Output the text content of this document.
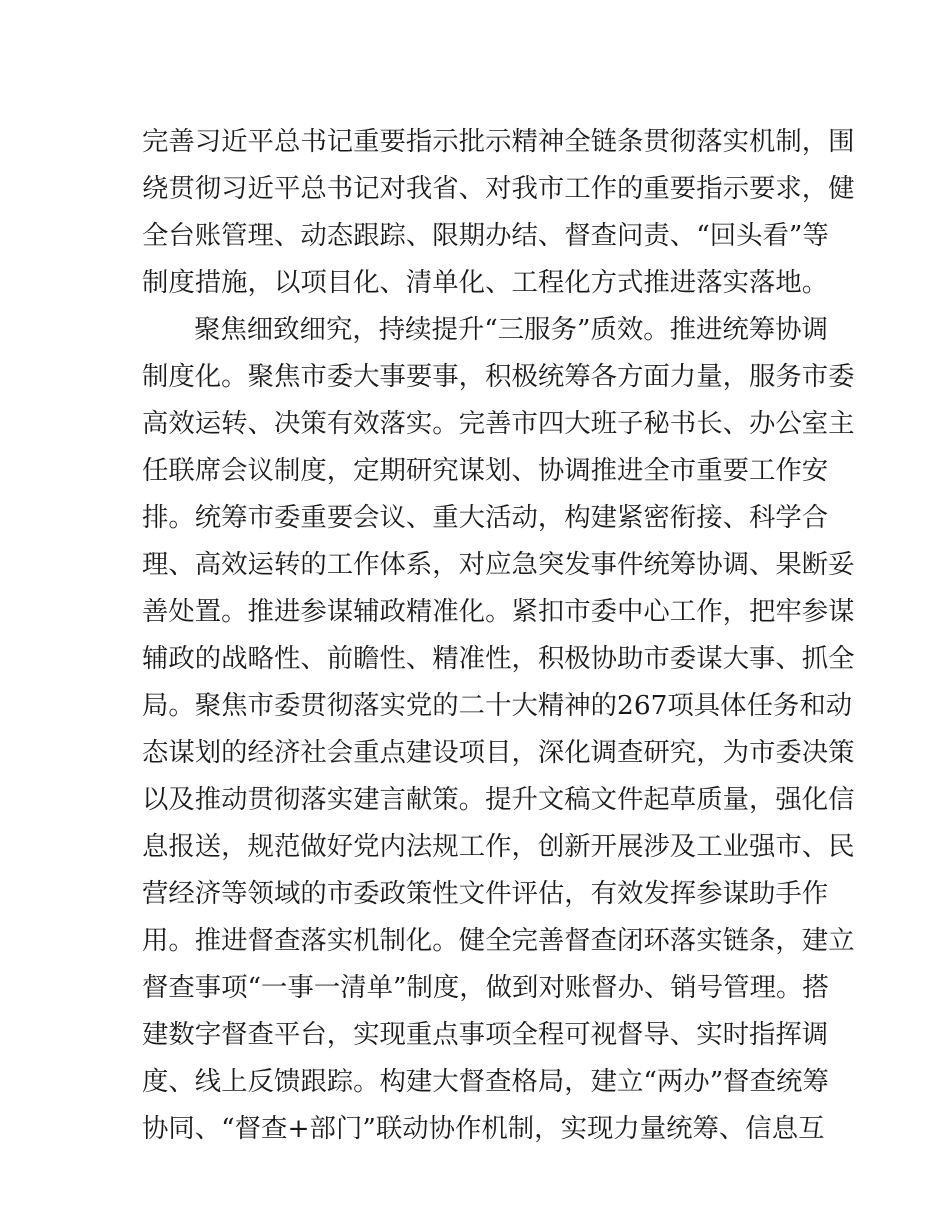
完善习近平总书记重要指示批示精神全链条贯彻落实机制，围
绕贯彻习近平总书记对我省、对我市工作的重要指示要求，健
全台账管理、动态跟踪、限期办结、督查问责、“回头看”等
制度措施，以项目化、清单化、工程化方式推进落实落地。
聚焦细致细究，持续提升“三服务”质效。推进统筹协调
制度化。聚焦市委大事要事，积极统筹各方面力量，服务市委
高效运转、决策有效落实。完善市四大班子秘书长、办公室主
任联席会议制度，定期研究谋划、协调推进全市重要工作安
排。统筹市委重要会议、重大活动，构建紧密衔接、科学合
理、高效运转的工作体系，对应急突发事件统筹协调、果断妥
善处置。推进参谋辅政精准化。紧扣市委中心工作，把牢参谋
辅政的战略性、前瞻性、精准性，积极协助市委谋大事、抓全
局。聚焦市委贯彻落实党的二十大精神的267项具体任务和动
态谋划的经济社会重点建设项目，深化调查研究，为市委决策
以及推动贯彻落实建言献策。提升文稿文件起草质量，强化信
息报送，规范做好党内法规工作，创新开展涉及工业强市、民
营经济等领域的市委政策性文件评估，有效发挥参谋助手作
用。推进督查落实机制化。健全完善督查闭环落实链条，建立
督查事项“一事一清单”制度，做到对账督办、销号管理。搭
建数字督查平台，实现重点事项全程可视督导、实时指挥调
度、线上反馈跟踪。构建大督查格局，建立“两办”督查统筹
协同、“督查+部门”联动协作机制，实现力量统筹、信息互
